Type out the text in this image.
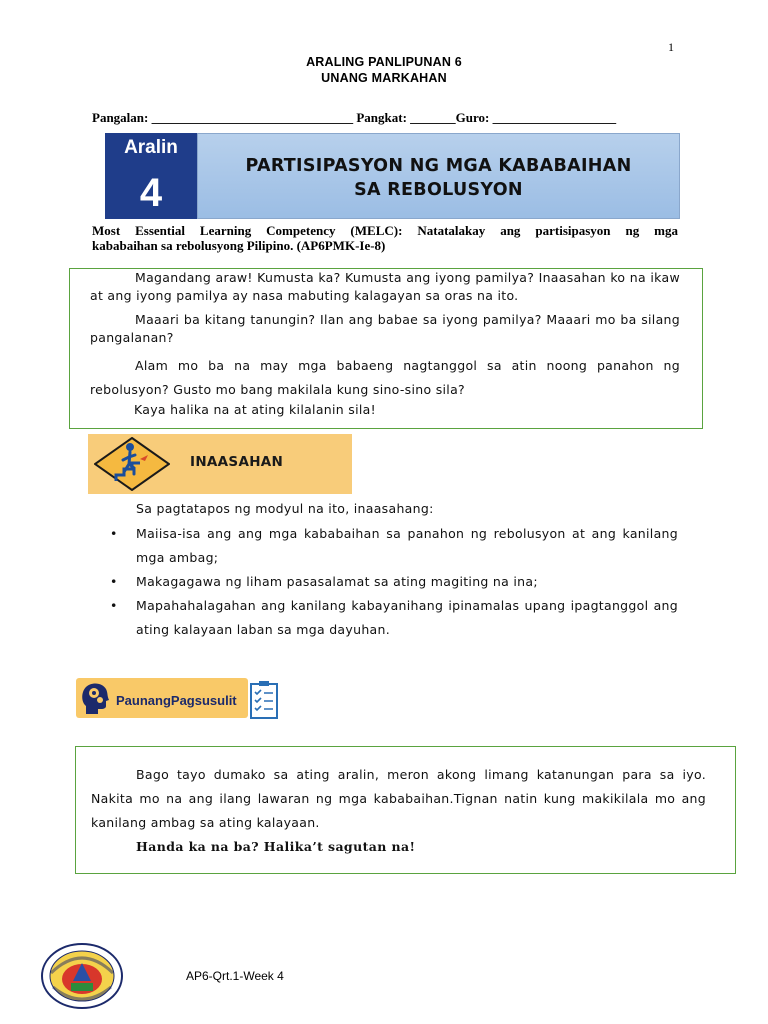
1
ARALING PANLIPUNAN 6
UNANG MARKAHAN
Pangalan: _______________________________ Pangkat: _______Guro: ___________________
Aralin
4
PARTISIPASYON NG MGA KABABAIHAN
SA REBOLUSYON
Most Essential Learning Competency (MELC): Natatalakay ang partisipasyon ng mga
kababaihan sa rebolusyong Pilipino. (AP6PMK-Ie-8)
Magandang araw! Kumusta ka? Kumusta ang iyong pamilya? Inaasahan ko na ikaw at ang iyong pamilya ay nasa mabuting kalagayan sa oras na ito.
Maaari ba kitang tanungin? Ilan ang babae sa iyong pamilya? Maaari mo ba silang pangalanan?
Alam mo ba na may mga babaeng nagtanggol sa atin noong panahon ng rebolusyon? Gusto mo bang makilala kung sino-sino sila?
Kaya halika na at ating kilalanin sila!
INAASAHAN
Sa pagtatapos ng modyul na ito, inaasahang:
• Maiisa-isa ang ang mga kababaihan sa panahon ng rebolusyon at ang kanilang mga ambag;
• Makagagawa ng liham pasasalamat sa ating magiting na ina;
• Mapahahalagahan ang kanilang kabayanihang ipinamalas upang ipagtanggol ang ating kalayaan laban sa mga dayuhan.
PaunangPagsusulit
Bago tayo dumako sa ating aralin, meron akong limang katanungan para sa iyo. Nakita mo na ang ilang lawaran ng mga kababaihan.Tignan natin kung makikilala mo ang kanilang ambag sa ating kalayaan.
Handa ka na ba? Halika’t sagutan na!
AP6-Qrt.1-Week 4
